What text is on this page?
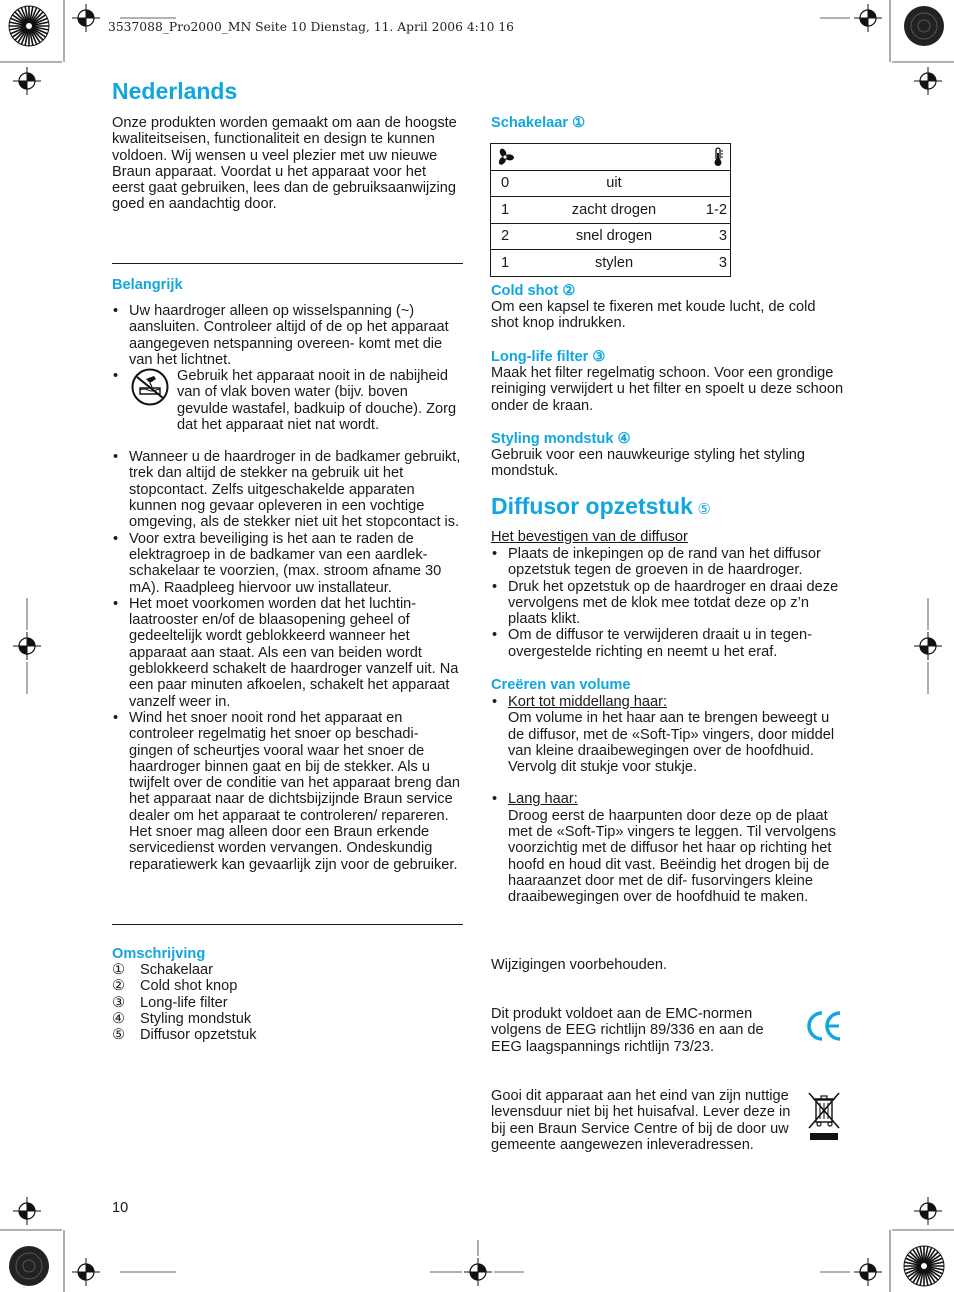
3537088_Pro2000_MN Seite 10 Dienstag, 11. April 2006 4:10 16
Nederlands
Onze produkten worden gemaakt om aan de hoogste kwaliteitseisen, functionaliteit en design te kunnen voldoen. Wij wensen u veel plezier met uw nieuwe Braun apparaat. Voordat u het apparaat voor het eerst gaat gebruiken, lees dan de gebruiksaanwijzing goed en aandachtig door.
Belangrijk
• Uw haardroger alleen op wisselspanning (~) aansluiten. Controleer altijd of de op het apparaat aangegeven netspanning overeen- komt met die van het lichtnet.
• Gebruik het apparaat nooit in de nabijheid van of vlak boven water (bijv. boven gevulde wastafel, badkuip of douche). Zorg dat het apparaat niet nat wordt.
• Wanneer u de haardroger in de badkamer gebruikt, trek dan altijd de stekker na gebruik uit het stopcontact. Zelfs uitgeschakelde apparaten kunnen nog gevaar opleveren in een vochtige omgeving, als de stekker niet uit het stopcontact is.
• Voor extra beveiliging is het aan te raden de elektragroep in de badkamer van een aardlek- schakelaar te voorzien, (max. stroom afname 30 mA). Raadpleeg hiervoor uw installateur.
• Het moet voorkomen worden dat het luchtin- laatrooster en/of de blaasopening geheel of gedeeltelijk wordt geblokkeerd wanneer het apparaat aan staat. Als een van beiden wordt geblokkeerd schakelt de haardroger vanzelf uit. Na een paar minuten afkoelen, schakelt het apparaat vanzelf weer in.
• Wind het snoer nooit rond het apparaat en controleer regelmatig het snoer op beschadi- gingen of scheurtjes vooral waar het snoer de haardroger binnen gaat en bij de stekker. Als u twijfelt over de conditie van het apparaat breng dan het apparaat naar de dichtsbijzijnde Braun service dealer om het apparaat te controleren/ repareren. Het snoer mag alleen door een Braun erkende servicedienst worden vervangen. Ondeskundig reparatiewerk kan gevaarlijk zijn voor de gebruiker.
Omschrijving
① Schakelaar
② Cold shot knop
③ Long-life filter
④ Styling mondstuk
⑤ Diffusor opzetstuk
10
Schakelaar ①

0	uit	
1	zacht drogen	1-2
2	snel drogen	3
1	stylen	3
Cold shot ②
Om een kapsel te fixeren met koude lucht, de cold shot knop indrukken.
Long-life filter ③
Maak het filter regelmatig schoon. Voor een grondige reiniging verwijdert u het filter en spoelt u deze schoon onder de kraan.
Styling mondstuk ④
Gebruik voor een nauwkeurige styling het styling mondstuk.
Diffusor opzetstuk ⑤
Het bevestigen van de diffusor
• Plaats de inkepingen op de rand van het diffusor opzetstuk tegen de groeven in de haardroger.
• Druk het opzetstuk op de haardroger en draai deze vervolgens met de klok mee totdat deze op z’n plaats klikt.
• Om de diffusor te verwijderen draait u in tegen- overgestelde richting en neemt u het eraf.
Creëren van volume
• Kort tot middellang haar:
Om volume in het haar aan te brengen beweegt u de diffusor, met de «Soft-Tip» vingers, door middel van kleine draaibewegingen over de hoofdhuid. Vervolg dit stukje voor stukje.
• Lang haar:
Droog eerst de haarpunten door deze op de plaat met de «Soft-Tip» vingers te leggen. Til vervolgens voorzichtig met de diffusor het haar op richting het hoofd en houd dit vast. Beëindig het drogen bij de haaraanzet door met de dif- fusorvingers kleine draaibewegingen over de hoofdhuid te maken.
Wijzigingen voorbehouden.
Dit produkt voldoet aan de EMC-normen volgens de EEG richtlijn 89/336 en aan de EEG laagspannings richtlijn 73/23.
Gooi dit apparaat aan het eind van zijn nuttige levensduur niet bij het huisafval. Lever deze in bij een Braun Service Centre of bij de door uw gemeente aangewezen inleveradressen.
